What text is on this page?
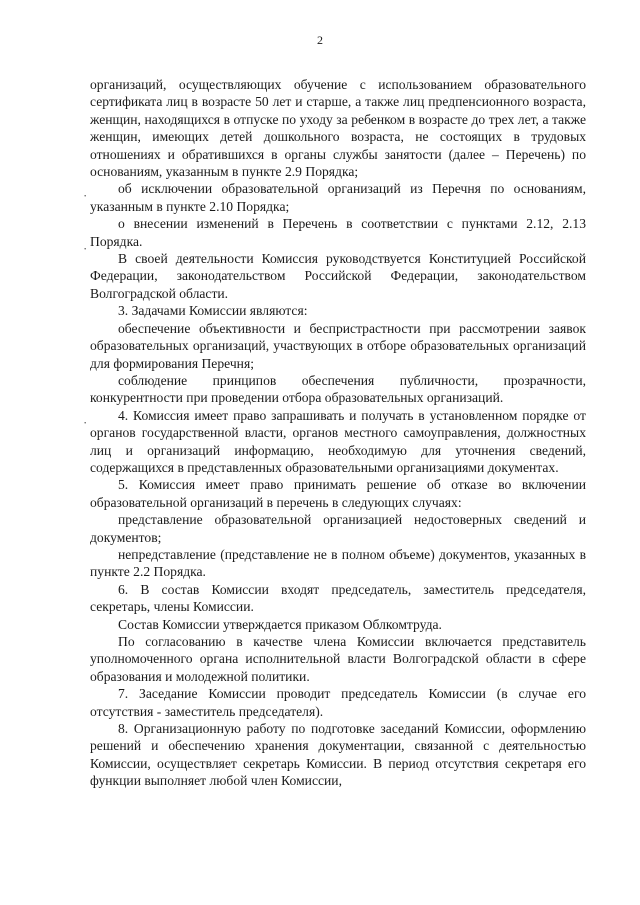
2
·
·
·

организаций, осуществляющих обучение с использованием образовательного сертификата лиц в возрасте 50 лет и старше, а также лиц предпенсионного возраста, женщин, находящихся в отпуске по уходу за ребенком в возрасте до трех лет, а также женщин, имеющих детей дошкольного возраста, не состоящих в трудовых отношениях и обратившихся в органы службы занятости (далее – Перечень) по основаниям, указанным в пункте 2.9 Порядка;

об исключении образовательной организаций из Перечня по основаниям, указанным в пункте 2.10 Порядка;

о внесении изменений в Перечень в соответствии с пунктами 2.12, 2.13 Порядка.

В своей деятельности Комиссия руководствуется Конституцией Российской Федерации, законодательством Российской Федерации, законодательством Волгоградской области.

3. Задачами Комиссии являются:

обеспечение объективности и беспристрастности при рассмотрении заявок образовательных организаций, участвующих в отборе образовательных организаций для формирования Перечня;

соблюдение принципов обеспечения публичности, прозрачности, конкурентности при проведении отбора образовательных организаций.

4. Комиссия имеет право запрашивать и получать в установленном порядке от органов государственной власти, органов местного самоуправления, должностных лиц и организаций информацию, необходимую для уточнения сведений, содержащихся в представленных образовательными организациями документах.

5. Комиссия имеет право принимать решение об отказе во включении образовательной организаций в перечень в следующих случаях:

представление образовательной организацией недостоверных сведений и документов;

непредставление (представление не в полном объеме) документов, указанных в пункте 2.2 Порядка.

6. В состав Комиссии входят председатель, заместитель председателя, секретарь, члены Комиссии.

Состав Комиссии утверждается приказом Облкомтруда.

По согласованию в качестве члена Комиссии включается представитель уполномоченного органа исполнительной власти Волгоградской области в сфере образования и молодежной политики.

7. Заседание Комиссии проводит председатель Комиссии (в случае его отсутствия - заместитель председателя).

8. Организационную работу по подготовке заседаний Комиссии, оформлению решений и обеспечению хранения документации, связанной с деятельностью Комиссии, осуществляет секретарь Комиссии. В период отсутствия секретаря его функции выполняет любой член Комиссии,
